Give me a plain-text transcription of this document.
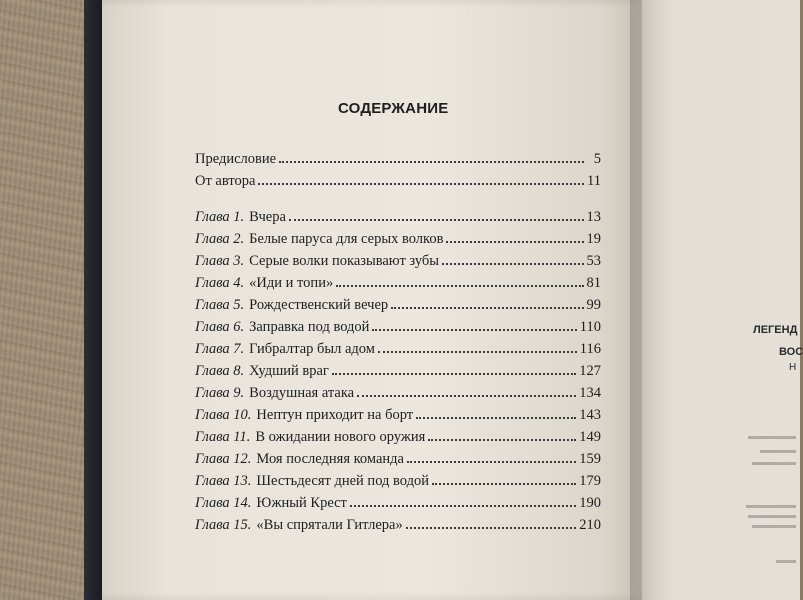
СОДЕРЖАНИЕ
Предисловие	5
От автора	11
Глава 1. Вчера	13
Глава 2. Белые паруса для серых волков	19
Глава 3. Серые волки показывают зубы	53
Глава 4. «Иди и топи»	81
Глава 5. Рождественский вечер	99
Глава 6. Заправка под водой	110
Глава 7. Гибралтар был адом	116
Глава 8. Худший враг	127
Глава 9. Воздушная атака	134
Глава 10. Нептун приходит на борт	143
Глава 11. В ожидании нового оружия	149
Глава 12. Моя последняя команда	159
Глава 13. Шестьдесят дней под водой	179
Глава 14. Южный Крест	190
Глава 15. «Вы спрятали Гитлера»	210
ЛЕГЕНД
ВОС
Н
